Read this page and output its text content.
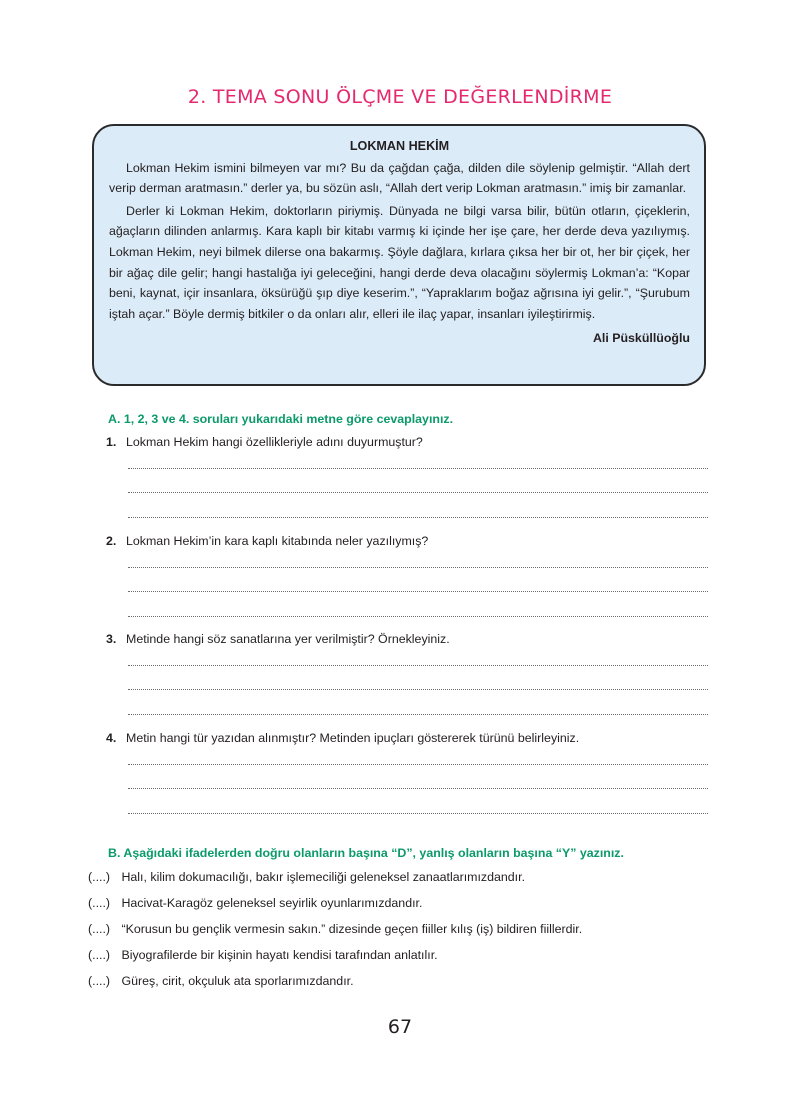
2. TEMA SONU ÖLÇME VE DEĞERLENDİRME
LOKMAN HEKİM

Lokman Hekim ismini bilmeyen var mı? Bu da çağdan çağa, dilden dile söylenip gelmiştir. “Allah dert verip derman aratmasın.” derler ya, bu sözün aslı, “Allah dert verip Lokman aratmasın.” imiş bir zamanlar.

Derler ki Lokman Hekim, doktorların piriymiş. Dünyada ne bilgi varsa bilir, bütün otların, çiçeklerin, ağaçların dilinden anlarmış. Kara kaplı bir kitabı varmış ki içinde her işe çare, her derde deva yazılıymış. Lokman Hekim, neyi bilmek dilerse ona bakarmış. Şöyle dağlara, kırlara çıksa her bir ot, her bir çiçek, her bir ağaç dile gelir; hangi hastalığa iyi geleceğini, hangi derde deva olacağını söylermiş Lokman’a: “Kopar beni, kaynat, içir insanlara, öksürüğü şıp diye keserim.”, “Yapraklarım boğaz ağrısına iyi gelir.”, “Şurubum iştah açar.” Böyle dermiş bitkiler o da onları alır, elleri ile ilaç yapar, insanları iyileştirirmiş.

Ali Püsküllüoğlu
A. 1, 2, 3 ve 4. soruları yukarıdaki metne göre cevaplayınız.
1. Lokman Hekim hangi özellikleriyle adını duyurmuştur?
2. Lokman Hekim’in kara kaplı kitabında neler yazılıymış?
3. Metinde hangi söz sanatlarına yer verilmiştir? Örnekleyiniz.
4. Metin hangi tür yazıdan alınmıştır? Metinden ipuçları göstererek türünü belirleyiniz.
B. Aşağıdaki ifadelerden doğru olanların başına “D”, yanlış olanların başına “Y” yazınız.
(....) Halı, kilim dokumacılığı, bakır işlemeciliği geleneksel zanaatlarımızdandır.
(....) Hacivat-Karagöz geleneksel seyirlik oyunlarımızdandır.
(....) “Korusun bu gençlik vermesin sakın.” dizesinde geçen fiiller kılış (iş) bildiren fiillerdir.
(....) Biyografilerde bir kişinin hayatı kendisi tarafından anlatılır.
(....) Güreş, cirit, okçuluk ata sporlarımızdandır.
67
